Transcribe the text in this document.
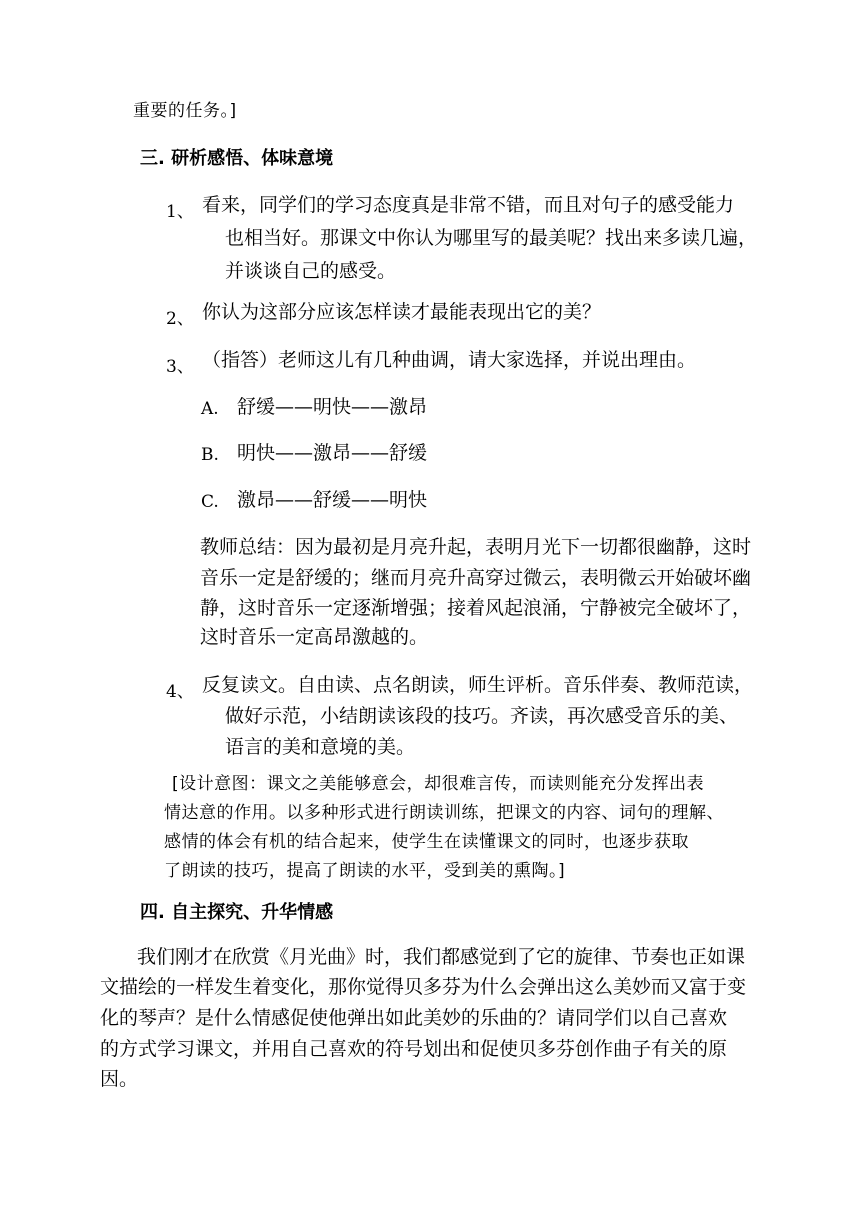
重要的任务。]
三. 研析感悟、体味意境
1、 看来，同学们的学习态度真是非常不错，而且对句子的感受能力
也相当好。那课文中你认为哪里写的最美呢？找出来多读几遍，
并谈谈自己的感受。
2、 你认为这部分应该怎样读才最能表现出它的美？
3、 （指答）老师这儿有几种曲调，请大家选择，并说出理由。
A. 舒缓——明快——激昂
B. 明快——激昂——舒缓
C. 激昂——舒缓——明快
教师总结：因为最初是月亮升起，表明月光下一切都很幽静，这时
音乐一定是舒缓的；继而月亮升高穿过微云，表明微云开始破坏幽
静，这时音乐一定逐渐增强；接着风起浪涌，宁静被完全破坏了，
这时音乐一定高昂激越的。
4、 反复读文。自由读、点名朗读，师生评析。音乐伴奏、教师范读，
做好示范，小结朗读该段的技巧。齐读，再次感受音乐的美、
语言的美和意境的美。
[设计意图：课文之美能够意会，却很难言传，而读则能充分发挥出表
情达意的作用。以多种形式进行朗读训练，把课文的内容、词句的理解、
感情的体会有机的结合起来，使学生在读懂课文的同时，也逐步获取
了朗读的技巧，提高了朗读的水平，受到美的熏陶。]
四. 自主探究、升华情感
我们刚才在欣赏《月光曲》时，我们都感觉到了它的旋律、节奏也正如课
文描绘的一样发生着变化，那你觉得贝多芬为什么会弹出这么美妙而又富于变
化的琴声？是什么情感促使他弹出如此美妙的乐曲的？请同学们以自己喜欢
的方式学习课文，并用自己喜欢的符号划出和促使贝多芬创作曲子有关的原
因。
